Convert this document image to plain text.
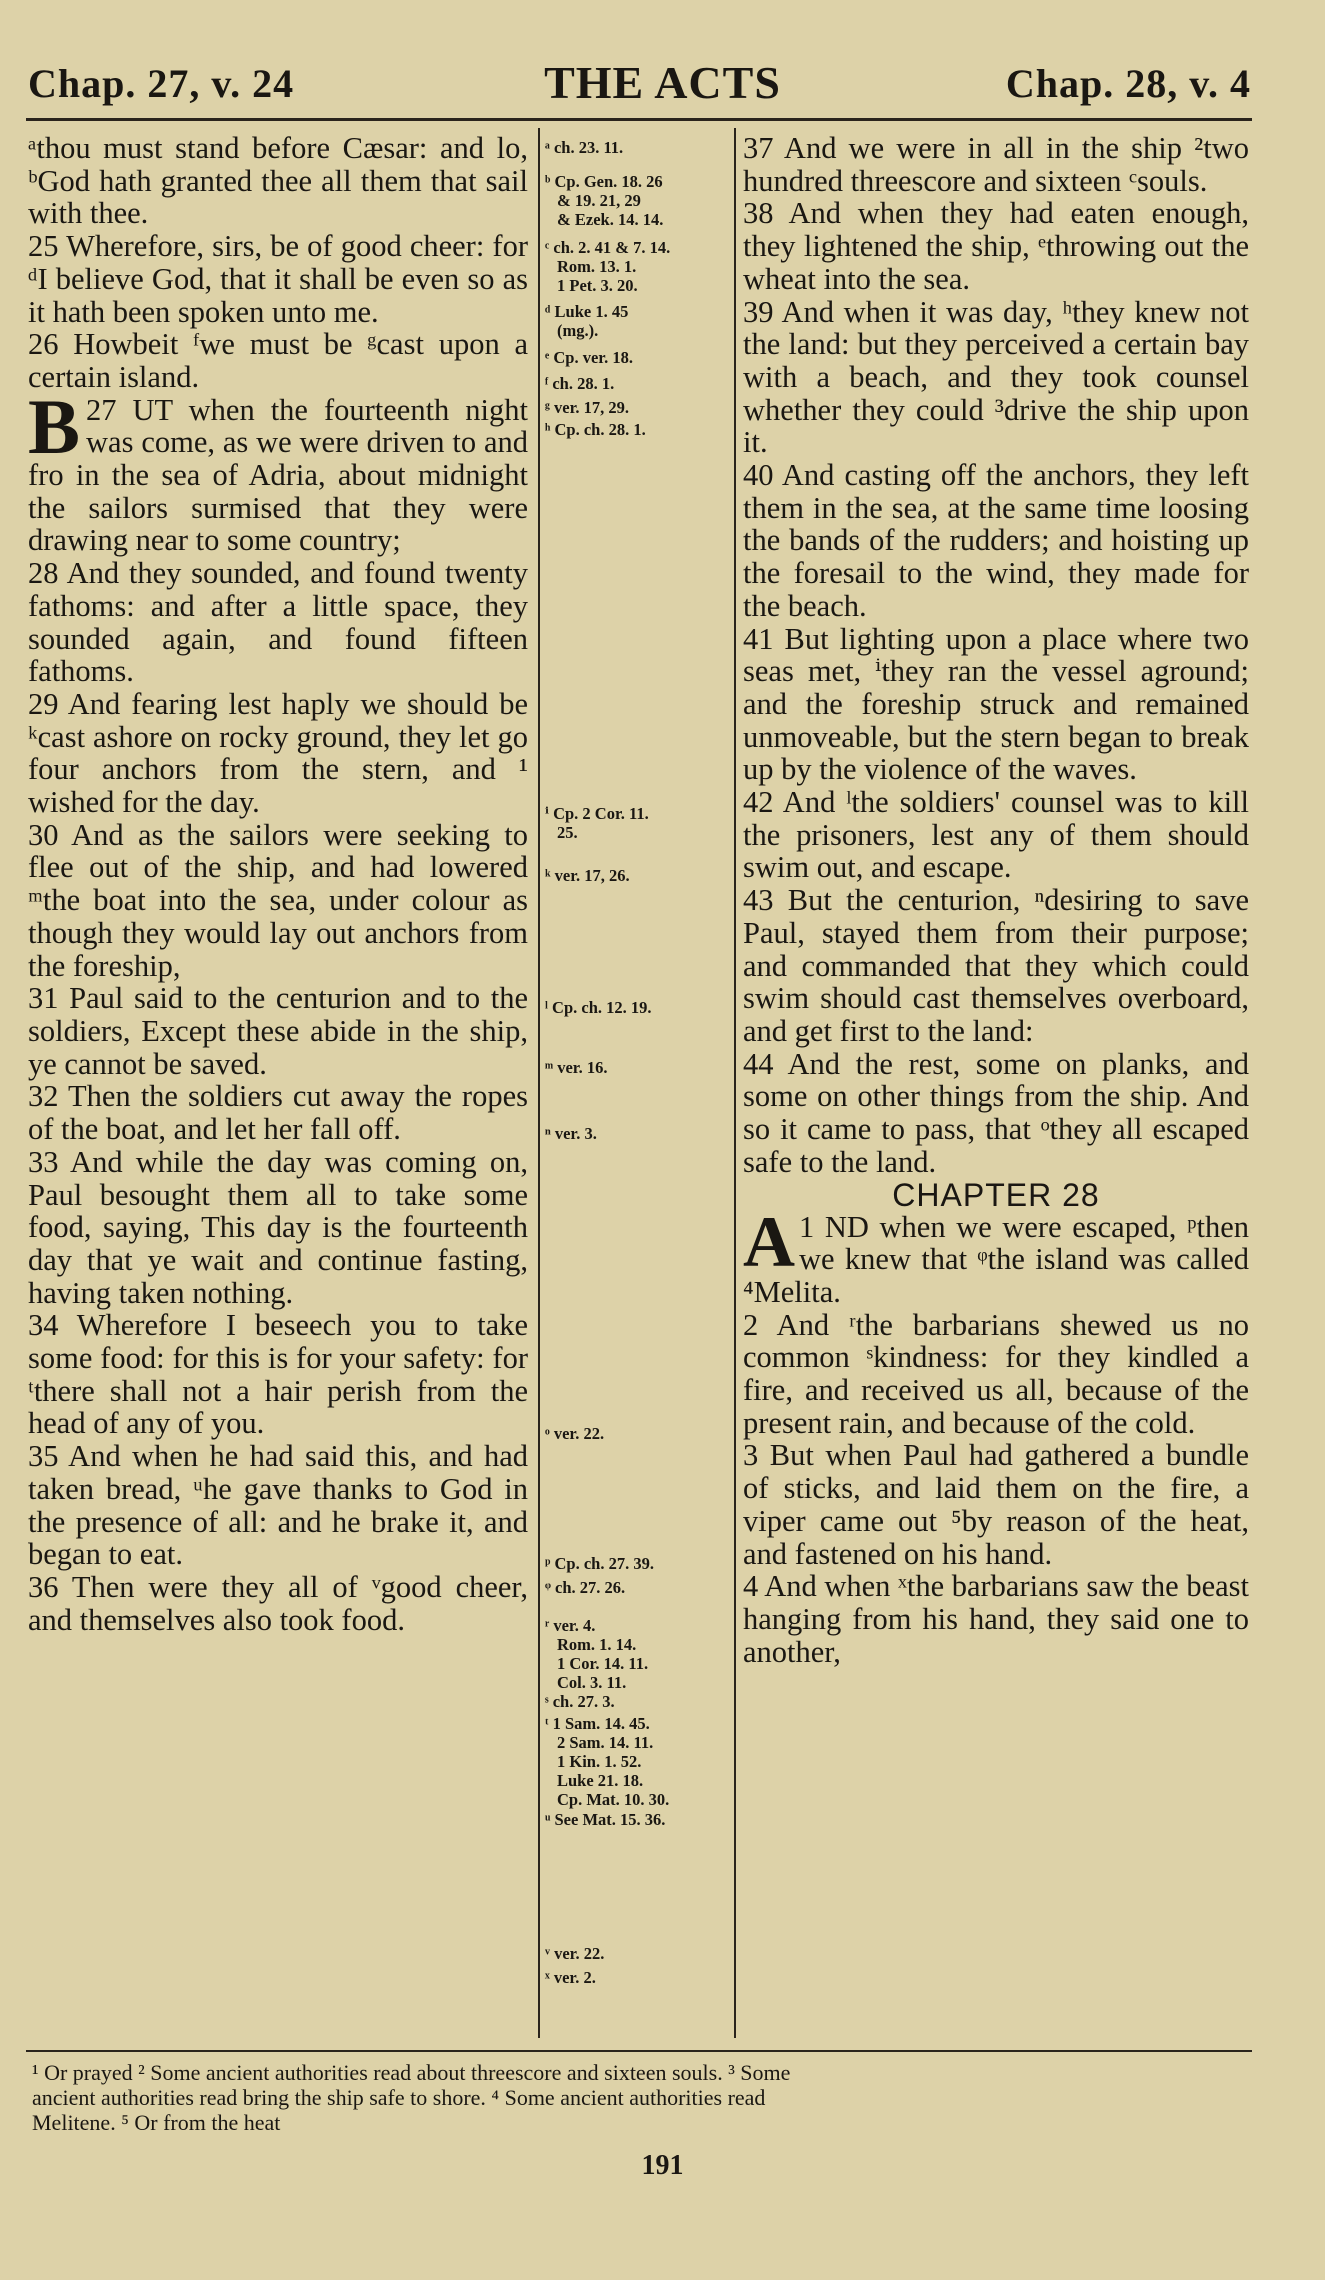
Chap. 27, v. 24	THE ACTS	Chap. 28, v. 4

ᵃthou must stand before Cæsar: and lo, ᵇGod hath granted thee all them that sail with thee.

25 Wherefore, sirs, be of good cheer: for ᵈI believe God, that it shall be even so as it hath been spoken unto me.

26 Howbeit ᶠwe must be ᵍcast upon a certain island.

27
B UT when the fourteenth night was come, as we were driven to and fro in the sea of Adria, about midnight the sailors surmised that they were drawing near to some country;

28 And they sounded, and found twenty fathoms: and after a little space, they sounded again, and found fifteen fathoms.

29 And fearing lest haply we should be ᵏcast ashore on rocky ground, they let go four anchors from the stern, and ¹ wished for the day.

30 And as the sailors were seeking to flee out of the ship, and had lowered ᵐthe boat into the sea, under colour as though they would lay out anchors from the foreship,

31 Paul said to the centurion and to the soldiers, Except these abide in the ship, ye cannot be saved.

32 Then the soldiers cut away the ropes of the boat, and let her fall off.

33 And while the day was coming on, Paul besought them all to take some food, saying, This day is the fourteenth day that ye wait and continue fasting, having taken nothing.

34 Wherefore I beseech you to take some food: for this is for your safety: for ᵗthere shall not a hair perish from the head of any of you.

35 And when he had said this, and had taken bread, ᵘhe gave thanks to God in the presence of all: and he brake it, and began to eat.

36 Then were they all of ᵛgood cheer, and themselves also took food.

ᵃ ch. 23. 11.
ᵇ Cp. Gen. 18. 26
& 19. 21, 29
& Ezek. 14. 14.
ᶜ ch. 2. 41 & 7. 14.
Rom. 13. 1.
1 Pet. 3. 20.
ᵈ Luke 1. 45
(mg.).
ᵉ Cp. ver. 18.
ᶠ ch. 28. 1.
ᵍ ver. 17, 29.
ʰ Cp. ch. 28. 1.
ⁱ Cp. 2 Cor. 11.
25.
ᵏ ver. 17, 26.
ˡ Cp. ch. 12. 19.
ᵐ ver. 16.
ⁿ ver. 3.
ᵒ ver. 22.
ᵖ Cp. ch. 27. 39.
ᵠ ch. 27. 26.
ʳ ver. 4.
Rom. 1. 14.
1 Cor. 14. 11.
Col. 3. 11.
ˢ ch. 27. 3.
ᵗ 1 Sam. 14. 45.
2 Sam. 14. 11.
1 Kin. 1. 52.
Luke 21. 18.
Cp. Mat. 10. 30.
ᵘ See Mat. 15. 36.
ᵛ ver. 22.
ˣ ver. 2.

37 And we were in all in the ship ²two hundred threescore and sixteen ᶜsouls.

38 And when they had eaten enough, they lightened the ship, ᵉthrowing out the wheat into the sea.

39 And when it was day, ʰthey knew not the land: but they perceived a certain bay with a beach, and they took counsel whether they could ³drive the ship upon it.

40 And casting off the anchors, they left them in the sea, at the same time loosing the bands of the rudders; and hoisting up the foresail to the wind, they made for the beach.

41 But lighting upon a place where two seas met, ⁱthey ran the vessel aground; and the foreship struck and remained unmoveable, but the stern began to break up by the violence of the waves.

42 And ˡthe soldiers' counsel was to kill the prisoners, lest any of them should swim out, and escape.

43 But the centurion, ⁿdesiring to save Paul, stayed them from their purpose; and commanded that they which could swim should cast themselves overboard, and get first to the land:

44 And the rest, some on planks, and some on other things from the ship. And so it came to pass, that ᵒthey all escaped safe to the land.

CHAPTER 28

1
A ND when we were escaped, ᵖthen we knew that ᵠthe island was called ⁴Melita.

2 And ʳthe barbarians shewed us no common ˢkindness: for they kindled a fire, and received us all, because of the present rain, and because of the cold.

3 But when Paul had gathered a bundle of sticks, and laid them on the fire, a viper came out ⁵by reason of the heat, and fastened on his hand.

4 And when ˣthe barbarians saw the beast hanging from his hand, they said one to another,

¹ Or prayed ² Some ancient authorities read about threescore and sixteen souls. ³ Some

ancient authorities read bring the ship safe to shore. ⁴ Some ancient authorities read

Melitene. ⁵ Or from the heat

191
